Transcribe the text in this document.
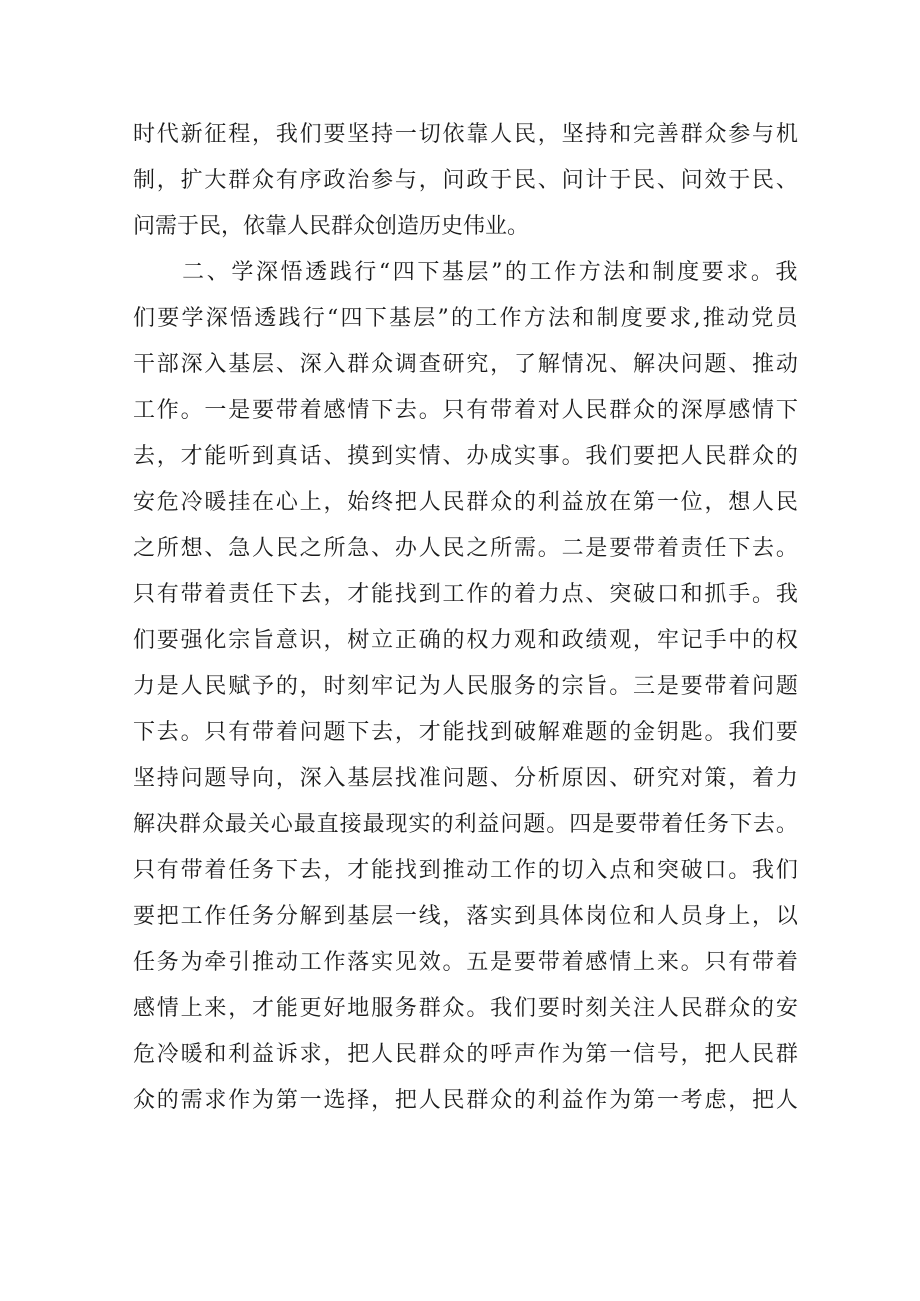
时代新征程，我们要坚持一切依靠人民，坚持和完善群众参与机
制，扩大群众有序政治参与，问政于民、问计于民、问效于民、
问需于民，依靠人民群众创造历史伟业。
　　二、学深悟透践行“四下基层”的工作方法和制度要求。我
们要学深悟透践行“四下基层”的工作方法和制度要求,推动党员
干部深入基层、深入群众调查研究，了解情况、解决问题、推动
工作。一是要带着感情下去。只有带着对人民群众的深厚感情下
去，才能听到真话、摸到实情、办成实事。我们要把人民群众的
安危冷暖挂在心上，始终把人民群众的利益放在第一位，想人民
之所想、急人民之所急、办人民之所需。二是要带着责任下去。
只有带着责任下去，才能找到工作的着力点、突破口和抓手。我
们要强化宗旨意识，树立正确的权力观和政绩观，牢记手中的权
力是人民赋予的，时刻牢记为人民服务的宗旨。三是要带着问题
下去。只有带着问题下去，才能找到破解难题的金钥匙。我们要
坚持问题导向，深入基层找准问题、分析原因、研究对策，着力
解决群众最关心最直接最现实的利益问题。四是要带着任务下去。
只有带着任务下去，才能找到推动工作的切入点和突破口。我们
要把工作任务分解到基层一线，落实到具体岗位和人员身上，以
任务为牵引推动工作落实见效。五是要带着感情上来。只有带着
感情上来，才能更好地服务群众。我们要时刻关注人民群众的安
危冷暖和利益诉求，把人民群众的呼声作为第一信号，把人民群
众的需求作为第一选择，把人民群众的利益作为第一考虑，把人
